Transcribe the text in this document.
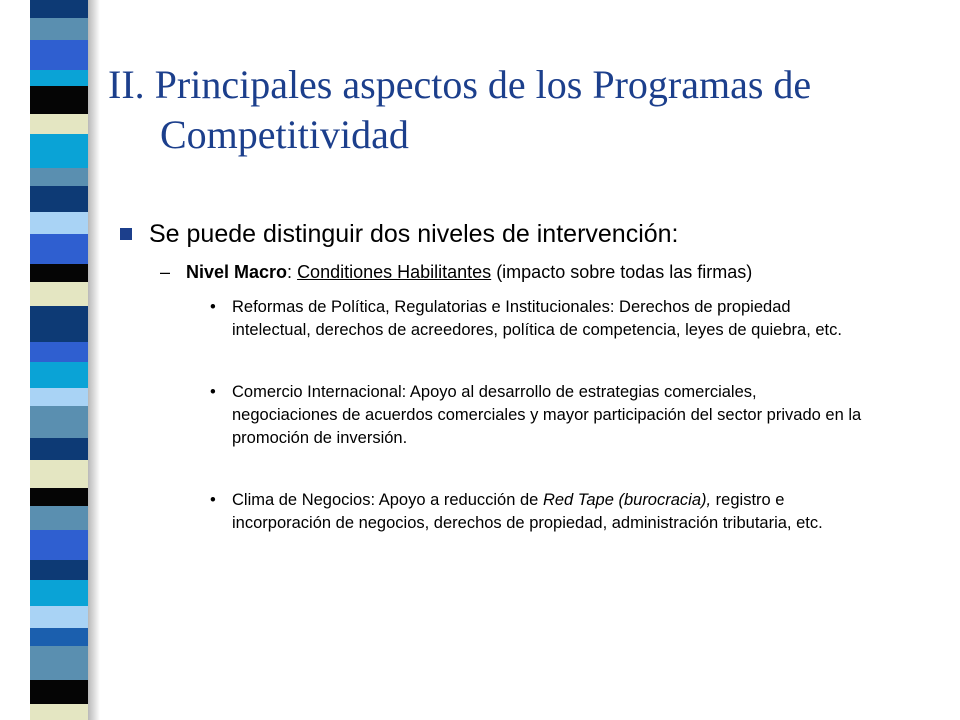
II. Principales aspectos de los Programas de
Competitividad
Se puede distinguir dos niveles de intervención:
– Nivel Macro: Conditiones Habilitantes (impacto sobre todas las firmas)
• Reformas de Política, Regulatorias e Institucionales: Derechos de propiedad intelectual, derechos de acreedores, política de competencia, leyes de quiebra, etc.
• Comercio Internacional: Apoyo al desarrollo de estrategias comerciales, negociaciones de acuerdos comerciales y mayor participación del sector privado en la promoción de inversión.
• Clima de Negocios: Apoyo a reducción de Red Tape (burocracia), registro e incorporación de negocios, derechos de propiedad, administración tributaria, etc.
